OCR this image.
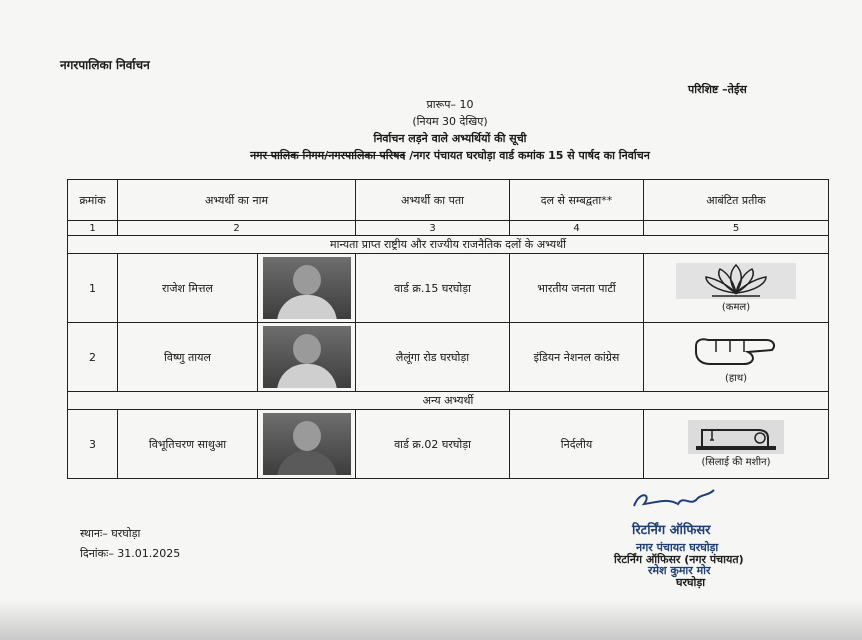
नगरपालिका निर्वाचन
परिशिष्ट –तेईस
प्रारूप– 10
(नियम 30 देखिए)
निर्वाचन लड़ने वाले अभ्यर्थियों की सूची
नगर पालिक निगम/नगरपालिका परिषद /नगर पंचायत घरघोड़ा वार्ड कमांक 15 से पार्षद का निर्वाचन
क्रमांक	अभ्यर्थी का नाम		अभ्यर्थी का पता	दल से सम्बद्वता**	आबंटित प्रतीक
1	2		3	4	5
मान्यता प्राप्त राष्ट्रीय और राज्यीय राजनैतिक दलों के अभ्यर्थी					
1	राजेश मित्तल		वार्ड क्र.15 घरघोड़ा	भारतीय जनता पार्टी	(कमल)

2	विष्णु तायल		लैलूंगा रोड घरघोड़ा	इंडियन नेशनल कांग्रेस	(हाथ)

अन्य अभ्यर्थी					
3	विभूतिचरण साथुआ		वार्ड क्र.02 घरघोड़ा	निर्दलीय	(सिलाई की मशीन)
स्थानः– घरघोड़ा
दिनांकः– 31.01.2025
रिटर्निंग ऑफिसर
नगर पंचायत घरघोड़ा
रिटर्निंग ऑफिसर (नगर पंचायत)
रमेश कुमार मोर
घरघोड़ा
